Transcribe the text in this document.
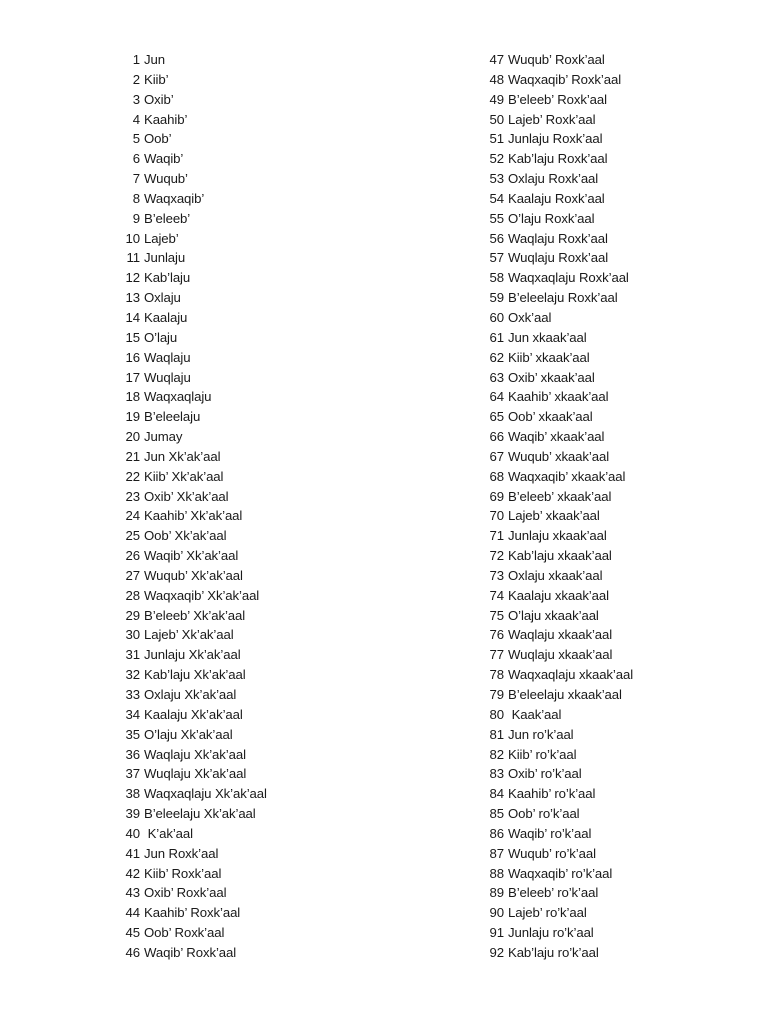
1 Jun
2 Kiib’
3 Oxib’
4 Kaahib’
5 Oob’
6 Waqib’
7 Wuqub’
8 Waqxaqib’
9 B’eleeb’
10 Lajeb’
11 Junlaju
12 Kab’laju
13 Oxlaju
14 Kaalaju
15 O’laju
16 Waqlaju
17 Wuqlaju
18 Waqxaqlaju
19 B’eleelaju
20 Jumay
21 Jun Xk’ak’aal
22 Kiib’ Xk’ak’aal
23 Oxib’ Xk’ak’aal
24 Kaahib’ Xk’ak’aal
25 Oob’ Xk’ak’aal
26 Waqib’ Xk’ak’aal
27 Wuqub’ Xk’ak’aal
28 Waqxaqib’ Xk’ak’aal
29 B’eleeb’ Xk’ak’aal
30 Lajeb’ Xk’ak’aal
31 Junlaju Xk’ak’aal
32 Kab’laju Xk’ak’aal
33 Oxlaju Xk’ak’aal
34 Kaalaju Xk’ak’aal
35 O’laju Xk’ak’aal
36 Waqlaju Xk’ak’aal
37 Wuqlaju Xk’ak’aal
38 Waqxaqlaju Xk’ak’aal
39 B’eleelaju Xk’ak’aal
40 K’ak’aal
41 Jun Roxk’aal
42 Kiib’ Roxk’aal
43 Oxib’ Roxk’aal
44 Kaahib’ Roxk’aal
45 Oob’ Roxk’aal
46 Waqib’ Roxk’aal
47 Wuqub’ Roxk’aal
48 Waqxaqib’ Roxk’aal
49 B’eleeb’ Roxk’aal
50 Lajeb’ Roxk’aal
51 Junlaju Roxk’aal
52 Kab’laju Roxk’aal
53 Oxlaju Roxk’aal
54 Kaalaju Roxk’aal
55 O’laju Roxk’aal
56 Waqlaju Roxk’aal
57 Wuqlaju Roxk’aal
58 Waqxaqlaju Roxk’aal
59 B’eleelaju Roxk’aal
60 Oxk’aal
61 Jun xkaak’aal
62 Kiib’ xkaak’aal
63 Oxib’ xkaak’aal
64 Kaahib’ xkaak’aal
65 Oob’ xkaak’aal
66 Waqib’ xkaak’aal
67 Wuqub’ xkaak’aal
68 Waqxaqib’ xkaak’aal
69 B’eleeb’ xkaak’aal
70 Lajeb’ xkaak’aal
71 Junlaju xkaak’aal
72 Kab’laju xkaak’aal
73 Oxlaju xkaak’aal
74 Kaalaju xkaak’aal
75 O’laju xkaak’aal
76 Waqlaju xkaak’aal
77 Wuqlaju xkaak’aal
78 Waqxaqlaju xkaak’aal
79 B’eleelaju xkaak’aal
80 Kaak’aal
81 Jun ro’k’aal
82 Kiib’ ro’k’aal
83 Oxib’ ro’k’aal
84 Kaahib’ ro’k’aal
85 Oob’ ro’k’aal
86 Waqib’ ro’k’aal
87 Wuqub’ ro’k’aal
88 Waqxaqib’ ro’k’aal
89 B’eleeb’ ro’k’aal
90 Lajeb’ ro’k’aal
91 Junlaju ro’k’aal
92 Kab’laju ro’k’aal
